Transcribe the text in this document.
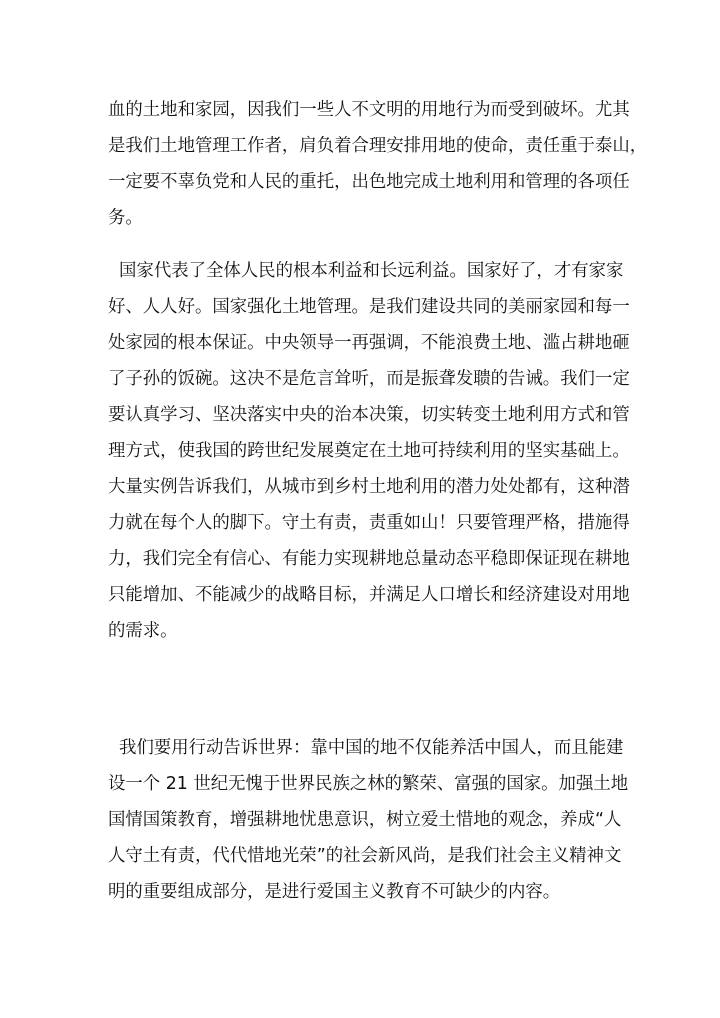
血的土地和家园，因我们一些人不文明的用地行为而受到破坏。尤其
是我们土地管理工作者，肩负着合理安排用地的使命，责任重于泰山，
一定要不辜负党和人民的重托，出色地完成土地利用和管理的各项任
务。
国家代表了全体人民的根本利益和长远利益。国家好了，才有家家
好、人人好。国家强化土地管理。是我们建设共同的美丽家园和每一
处家园的根本保证。中央领导一再强调，不能浪费土地、滥占耕地砸
了子孙的饭碗。这决不是危言耸听，而是振聋发聩的告诫。我们一定
要认真学习、坚决落实中央的治本决策，切实转变土地利用方式和管
理方式，使我国的跨世纪发展奠定在土地可持续利用的坚实基础上。
大量实例告诉我们，从城市到乡村土地利用的潜力处处都有，这种潜
力就在每个人的脚下。守土有责，责重如山！只要管理严格，措施得
力，我们完全有信心、有能力实现耕地总量动态平稳即保证现在耕地
只能增加、不能减少的战略目标，并满足人口增长和经济建设对用地
的需求。
我们要用行动告诉世界：靠中国的地不仅能养活中国人，而且能建
设一个 21 世纪无愧于世界民族之林的繁荣、富强的国家。加强土地
国情国策教育，增强耕地忧患意识，树立爱土惜地的观念，养成“人
人守土有责，代代惜地光荣”的社会新风尚，是我们社会主义精神文
明的重要组成部分，是进行爱国主义教育不可缺少的内容。
